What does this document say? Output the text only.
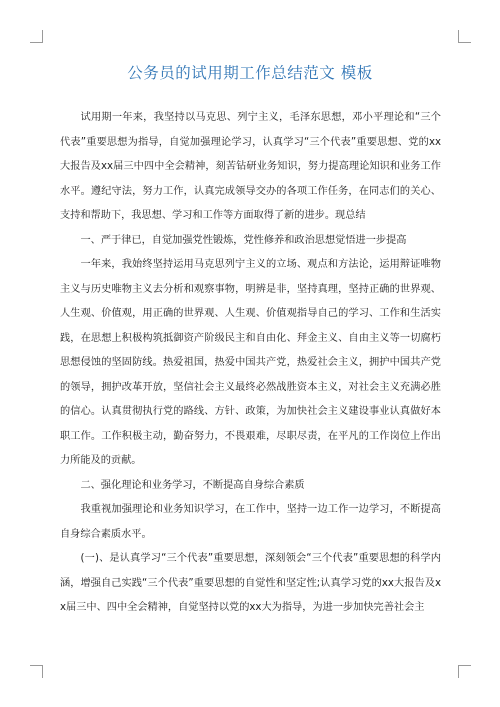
公务员的试用期工作总结范文 模板

试用期一年来，我坚持以马克思、列宁主义，毛泽东思想，邓小平理论和“三个代表”重要思想为指导，自觉加强理论学习，认真学习“三个代表”重要思想、党的xx大报告及xx届三中四中全会精神，刻苦钻研业务知识，努力提高理论知识和业务工作水平。遵纪守法，努力工作，认真完成领导交办的各项工作任务，在同志们的关心、支持和帮助下，我思想、学习和工作等方面取得了新的进步。现总结

一、严于律已，自觉加强党性锻炼，党性修养和政治思想觉悟进一步提高

一年来，我始终坚持运用马克思列宁主义的立场、观点和方法论，运用辩证唯物主义与历史唯物主义去分析和观察事物，明辨是非，坚持真理，坚持正确的世界观、人生观、价值观，用正确的世界观、人生观、价值观指导自己的学习、工作和生活实践，在思想上积极构筑抵御资产阶级民主和自由化、拜金主义、自由主义等一切腐朽思想侵蚀的坚固防线。热爱祖国，热爱中国共产党，热爱社会主义，拥护中国共产党的领导，拥护改革开放，坚信社会主义最终必然战胜资本主义，对社会主义充满必胜的信心。认真贯彻执行党的路线、方针、政策，为加快社会主义建设事业认真做好本职工作。工作积极主动，勤奋努力，不畏艰难，尽职尽责，在平凡的工作岗位上作出力所能及的贡献。

二、强化理论和业务学习，不断提高自身综合素质

我重视加强理论和业务知识学习，在工作中，坚持一边工作一边学习，不断提高自身综合素质水平。

(一)、是认真学习“三个代表”重要思想，深刻领会“三个代表”重要思想的科学内涵，增强自己实践“三个代表”重要思想的自觉性和坚定性;认真学习党的xx大报告及xx届三中、四中全会精神，自觉坚持以党的xx大为指导，为进一步加快完善社会主
